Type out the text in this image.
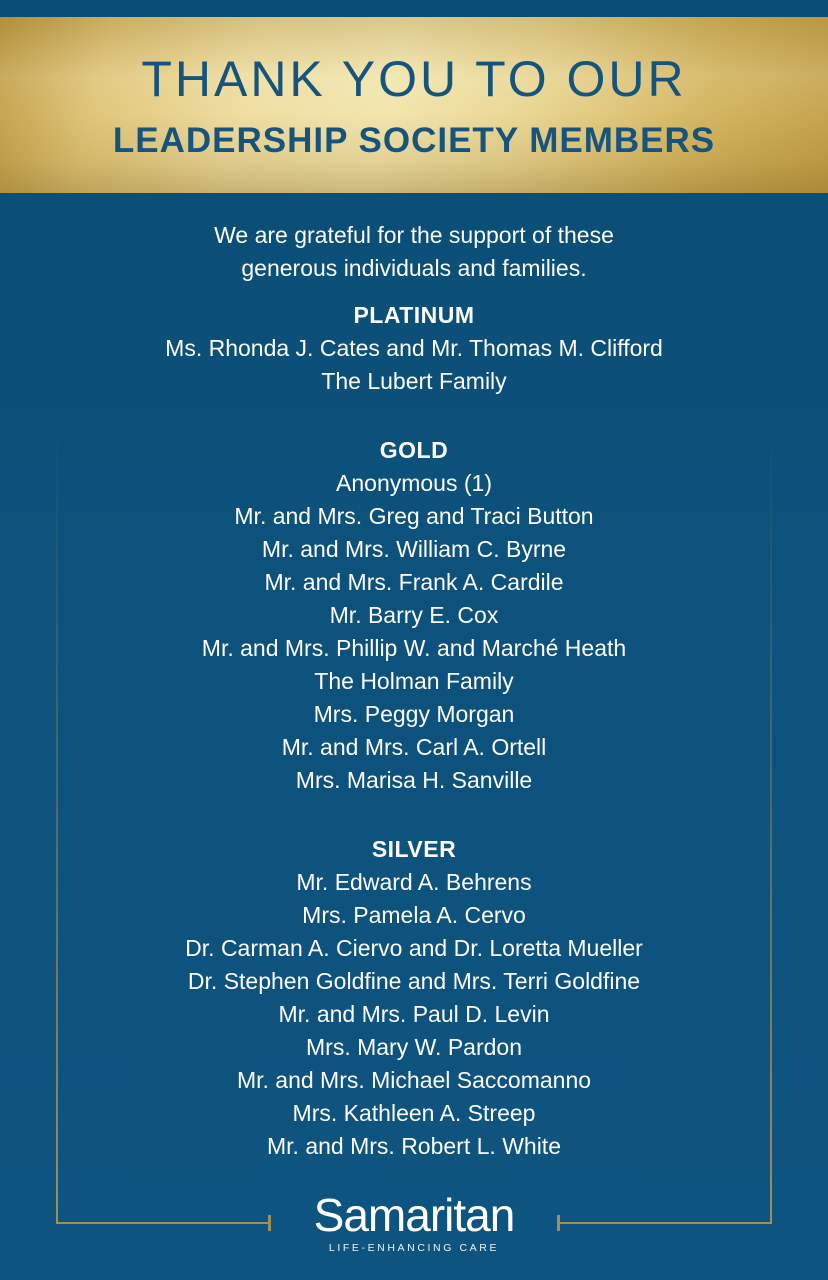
THANK YOU TO OUR
LEADERSHIP SOCIETY MEMBERS
We are grateful for the support of these
generous individuals and families.
PLATINUM
Ms. Rhonda J. Cates and Mr. Thomas M. Clifford
The Lubert Family
GOLD
Anonymous (1)
Mr. and Mrs. Greg and Traci Button
Mr. and Mrs. William C. Byrne
Mr. and Mrs. Frank A. Cardile
Mr. Barry E. Cox
Mr. and Mrs. Phillip W. and Marché Heath
The Holman Family
Mrs. Peggy Morgan
Mr. and Mrs. Carl A. Ortell
Mrs. Marisa H. Sanville
SILVER
Mr. Edward A. Behrens
Mrs. Pamela A. Cervo
Dr. Carman A. Ciervo and Dr. Loretta Mueller
Dr. Stephen Goldfine and Mrs. Terri Goldfine
Mr. and Mrs. Paul D. Levin
Mrs. Mary W. Pardon
Mr. and Mrs. Michael Saccomanno
Mrs. Kathleen A. Streep
Mr. and Mrs. Robert L. White
Samaritan
LIFE-ENHANCING CARE
